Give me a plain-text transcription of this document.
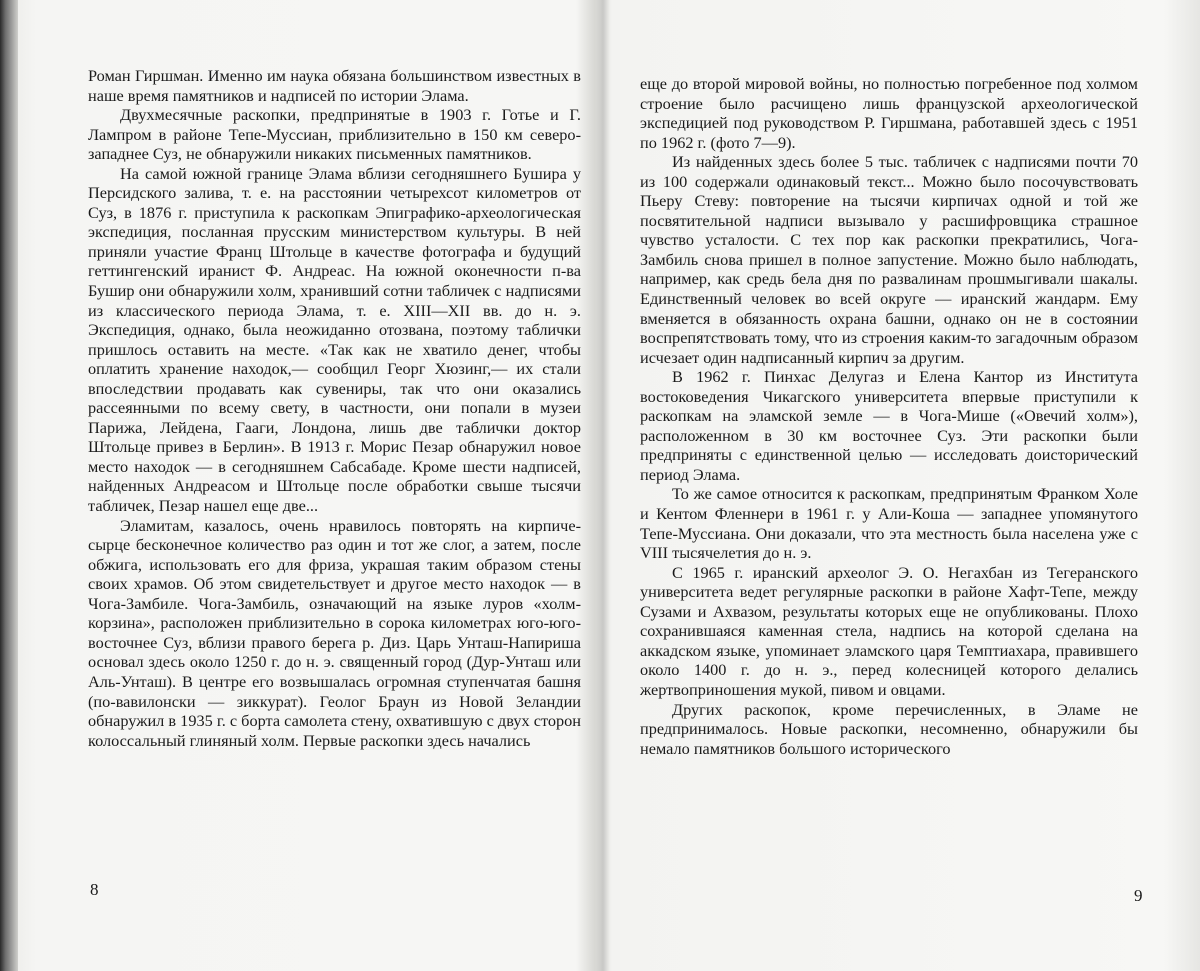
Роман Гиршман. Именно им наука обязана большинством известных в наше время памятников и надписей по истории Элама.

Двухмесячные раскопки, предпринятые в 1903 г. Готье и Г. Лампром в районе Тепе-Муссиан, приблизительно в 150 км северо-западнее Суз, не обнаружили никаких письменных памятников.

На самой южной границе Элама вблизи сегодняшнего Бушира у Персидского залива, т. е. на расстоянии четырехсот километров от Суз, в 1876 г. приступила к раскопкам Эпиграфико-археологическая экспедиция, посланная прусским министерством культуры. В ней приняли участие Франц Штольце в качестве фотографа и будущий геттингенский иранист Ф. Андреас. На южной оконечности п-ва Бушир они обнаружили холм, хранивший сотни табличек с надписями из классического периода Элама, т. е. XIII—XII вв. до н. э. Экспедиция, однако, была неожиданно отозвана, поэтому таблички пришлось оставить на месте. «Так как не хватило денег, чтобы оплатить хранение находок,— сообщил Георг Хюзинг,— их стали впоследствии продавать как сувениры, так что они оказались рассеянными по всему свету, в частности, они попали в музеи Парижа, Лейдена, Гааги, Лондона, лишь две таблички доктор Штольце привез в Берлин». В 1913 г. Морис Пезар обнаружил новое место находок — в сегодняшнем Сабсабаде. Кроме шести надписей, найденных Андреасом и Штольце после обработки свыше тысячи табличек, Пезар нашел еще две...

Эламитам, казалось, очень нравилось повторять на кирпиче-сырце бесконечное количество раз один и тот же слог, а затем, после обжига, использовать его для фриза, украшая таким образом стены своих храмов. Об этом свидетельствует и другое место находок — в Чога-Замбиле. Чога-Замбиль, означающий на языке луров «холм-корзина», расположен приблизительно в сорока километрах юго-юго-восточнее Суз, вблизи правого берега р. Диз. Царь Унташ-Напириша основал здесь около 1250 г. до н. э. священный город (Дур-Унташ или Аль-Унташ). В центре его возвышалась огромная ступенчатая башня (по-вавилонски — зиккурат). Геолог Браун из Новой Зеландии обнаружил в 1935 г. с борта самолета стену, охватившую с двух сторон колоссальный глиняный холм. Первые раскопки здесь начались

8

еще до второй мировой войны, но полностью погребенное под холмом строение было расчищено лишь французской археологической экспедицией под руководством Р. Гиршмана, работавшей здесь с 1951 по 1962 г. (фото 7—9).

Из найденных здесь более 5 тыс. табличек с надписями почти 70 из 100 содержали одинаковый текст... Можно было посочувствовать Пьеру Стеву: повторение на тысячи кирпичах одной и той же посвятительной надписи вызывало у расшифровщика страшное чувство усталости. С тех пор как раскопки прекратились, Чога-Замбиль снова пришел в полное запустение. Можно было наблюдать, например, как средь бела дня по развалинам прошмыгивали шакалы. Единственный человек во всей округе — иранский жандарм. Ему вменяется в обязанность охрана башни, однако он не в состоянии воспрепятствовать тому, что из строения каким-то загадочным образом исчезает один надписанный кирпич за другим.

В 1962 г. Пинхас Делугаз и Елена Кантор из Института востоковедения Чикагского университета впервые приступили к раскопкам на эламской земле — в Чога-Мише («Овечий холм»), расположенном в 30 км восточнее Суз. Эти раскопки были предприняты с единственной целью — исследовать доисторический период Элама.

То же самое относится к раскопкам, предпринятым Франком Холе и Кентом Фленнери в 1961 г. у Али-Коша — западнее упомянутого Тепе-Муссиана. Они доказали, что эта местность была населена уже с VIII тысячелетия до н. э.

С 1965 г. иранский археолог Э. О. Негахбан из Тегеранского университета ведет регулярные раскопки в районе Хафт-Тепе, между Сузами и Ахвазом, результаты которых еще не опубликованы. Плохо сохранившаяся каменная стела, надпись на которой сделана на аккадском языке, упоминает эламского царя Темптиахара, правившего около 1400 г. до н. э., перед колесницей которого делались жертвоприношения мукой, пивом и овцами.

Других раскопок, кроме перечисленных, в Эламе не предпринималось. Новые раскопки, несомненно, обнаружили бы немало памятников большого исторического

9
